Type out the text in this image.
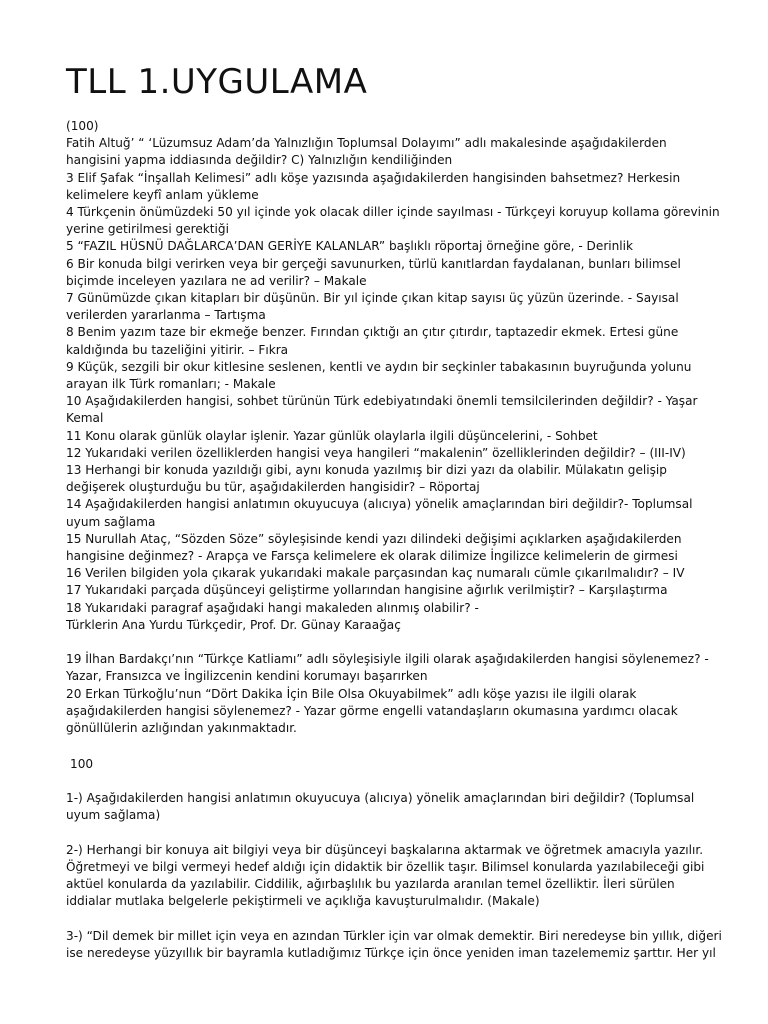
TLL 1.UYGULAMA

(100)

Fatih Altuğ’ “ ‘Lüzumsuz Adam’da Yalnızlığın Toplumsal Dolayımı” adlı makalesinde aşağıdakilerden

hangisini yapma iddiasında değildir? C) Yalnızlığın kendiliğinden

3 Elif Şafak “İnşallah Kelimesi” adlı köşe yazısında aşağıdakilerden hangisinden bahsetmez? Herkesin

kelimelere keyfî anlam yükleme

4 Türkçenin önümüzdeki 50 yıl içinde yok olacak diller içinde sayılması - Türkçeyi koruyup kollama görevinin

yerine getirilmesi gerektiği

5 “FAZIL HÜSNÜ DAĞLARCA’DAN GERİYE KALANLAR” başlıklı röportaj örneğine göre, - Derinlik

6 Bir konuda bilgi verirken veya bir gerçeği savunurken, türlü kanıtlardan faydalanan, bunları bilimsel

biçimde inceleyen yazılara ne ad verilir? – Makale

7 Günümüzde çıkan kitapları bir düşünün. Bir yıl içinde çıkan kitap sayısı üç yüzün üzerinde. - Sayısal

verilerden yararlanma – Tartışma

8 Benim yazım taze bir ekmeğe benzer. Fırından çıktığı an çıtır çıtırdır, taptazedir ekmek. Ertesi güne

kaldığında bu tazeliğini yitirir. – Fıkra

9 Küçük, sezgili bir okur kitlesine seslenen, kentli ve aydın bir seçkinler tabakasının buyruğunda yolunu

arayan ilk Türk romanları; - Makale

10 Aşağıdakilerden hangisi, sohbet türünün Türk edebiyatındaki önemli temsilcilerinden değildir? - Yaşar

Kemal

11 Konu olarak günlük olaylar işlenir. Yazar günlük olaylarla ilgili düşüncelerini, - Sohbet

12 Yukarıdaki verilen özelliklerden hangisi veya hangileri “makalenin” özelliklerinden değildir? – (III-IV)

13 Herhangi bir konuda yazıldığı gibi, aynı konuda yazılmış bir dizi yazı da olabilir. Mülakatın gelişip

değişerek oluşturduğu bu tür, aşağıdakilerden hangisidir? – Röportaj

14 Aşağıdakilerden hangisi anlatımın okuyucuya (alıcıya) yönelik amaçlarından biri değildir?- Toplumsal

uyum sağlama

15 Nurullah Ataç, “Sözden Söze” söyleşisinde kendi yazı dilindeki değişimi açıklarken aşağıdakilerden

hangisine değinmez? - Arapça ve Farsça kelimelere ek olarak dilimize İngilizce kelimelerin de girmesi

16 Verilen bilgiden yola çıkarak yukarıdaki makale parçasından kaç numaralı cümle çıkarılmalıdır? – IV

17 Yukarıdaki parçada düşünceyi geliştirme yollarından hangisine ağırlık verilmiştir? – Karşılaştırma

18 Yukarıdaki paragraf aşağıdaki hangi makaleden alınmış olabilir? -

Türklerin Ana Yurdu Türkçedir, Prof. Dr. Günay Karaağaç

19 İlhan Bardakçı’nın “Türkçe Katliamı” adlı söyleşisiyle ilgili olarak aşağıdakilerden hangisi söylenemez? -

Yazar, Fransızca ve İngilizcenin kendini korumayı başarırken

20 Erkan Türkoğlu’nun “Dört Dakika İçin Bile Olsa Okuyabilmek” adlı köşe yazısı ile ilgili olarak

aşağıdakilerden hangisi söylenemez? - Yazar görme engelli vatandaşların okumasına yardımcı olacak

gönüllülerin azlığından yakınmaktadır.

100

1-) Aşağıdakilerden hangisi anlatımın okuyucuya (alıcıya) yönelik amaçlarından biri değildir? (Toplumsal

uyum sağlama)

2-) Herhangi bir konuya ait bilgiyi veya bir düşünceyi başkalarına aktarmak ve öğretmek amacıyla yazılır.

Öğretmeyi ve bilgi vermeyi hedef aldığı için didaktik bir özellik taşır. Bilimsel konularda yazılabileceği gibi

aktüel konularda da yazılabilir. Ciddilik, ağırbaşlılık bu yazılarda aranılan temel özelliktir. İleri sürülen

iddialar mutlaka belgelerle pekiştirmeli ve açıklığa kavuşturulmalıdır. (Makale)

3-) “Dil demek bir millet için veya en azından Türkler için var olmak demektir. Biri neredeyse bin yıllık, diğeri

ise neredeyse yüzyıllık bir bayramla kutladığımız Türkçe için önce yeniden iman tazelememiz şarttır. Her yıl
